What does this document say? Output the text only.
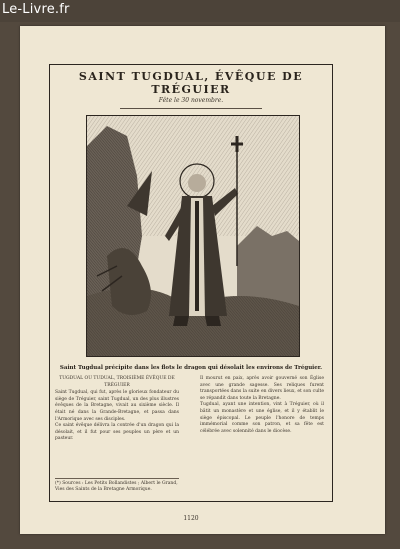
Le-Livre.fr
SAINT TUGDUAL, ÉVÊQUE DE TRÉGUIER
Fête le 30 novembre.
Saint Tugdual précipite dans les flots le dragon qui désolait les environs de Tréguier.
TUGDUAL OU TUDUAL, TROISIÈME ÉVÊQUE DE TRÉGUIER

Saint Tugdual, qui fut, après le glorieux fondateur du siège de Tréguier, saint Tugdual, un des plus illustres évêques de la Bretagne, vivait au sixième siècle. Il était né dans la Grande-Bretagne, et passa dans l'Armorique avec ses disciples.

Ce saint évêque délivra la contrée d'un dragon qui la désolait, et il fut pour ses peuples un père et un pasteur.

Il mourut en paix, après avoir gouverné son Église avec une grande sagesse. Ses reliques furent transportées dans la suite en divers lieux, et son culte se répandit dans toute la Bretagne.

Tugdual, ayant une intention, vint à Tréguier, où il bâtit un monastère et une église, et il y établit le siège épiscopal. Le peuple l'honore de temps immémorial comme son patron, et sa fête est célébrée avec solennité dans le diocèse.

(*) Sources : Les Petits Bollandistes ; Albert le Grand, Vies des Saints de la Bretagne Armorique.
1120
